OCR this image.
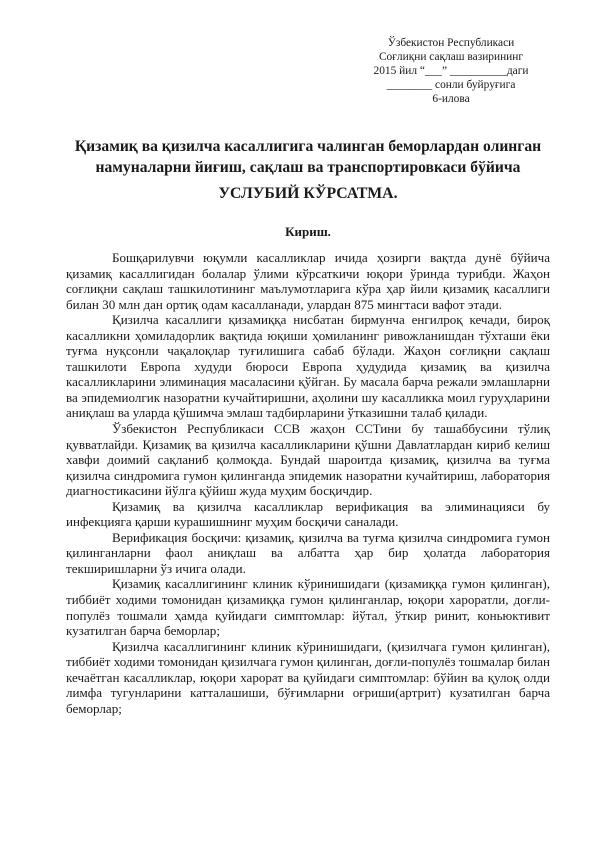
Ўзбекистон Республикаси
Соғлиқни сақлаш вазирининг
2015 йил “___” __________даги
________ сонли буйруғига
6-илова
Қизамиқ ва қизилча касаллигига чалинган беморлардан олинган
намуналарни йиғиш, сақлаш ва транспортировкаси бўйича
УСЛУБИЙ КЎРСАТМА.
Кириш.

Бошқарилувчи юқумли касалликлар ичида ҳозирги вақтда дунё бўйича қизамиқ касаллигидан болалар ўлими кўрсаткичи юқори ўринда турибди. Жаҳон соғлиқни сақлаш ташкилотининг маълумотларига кўра ҳар йили қизамиқ касаллиги билан 30 млн дан ортиқ одам касалланади, улардан 875 мингтаси вафот этади.

Қизилча касаллиги қизамиққа нисбатан бирмунча енгилроқ кечади, бироқ касалликни ҳомиладорлик вақтида юқиши ҳомиланинг ривожланишдан тўхташи ёки туғма нуқсонли чақалоқлар туғилишига сабаб бўлади. Жаҳон соғлиқни сақлаш ташкилоти Европа худуди бюроси Европа ҳудудида қизамиқ ва қизилча касалликларини элиминация масаласини қўйган. Бу масала барча режали эмлашларни ва эпидемиолгик назоратни кучайтиришни, аҳолини шу касалликка моил гуруҳларини аниқлаш ва уларда қўшимча эмлаш тадбирларини ўтказишни талаб қилади.

Ўзбекистон Республикаси ССВ жаҳон ССТини бу ташаббусини тўлиқ қувватлайди. Қизамиқ ва қизилча касалликларини қўшни Давлатлардан кириб келиш хавфи доимий сақланиб қолмоқда. Бундай шароитда қизамиқ, қизилча ва туғма қизилча синдромига гумон қилинганда эпидемик назоратни кучайтириш, лаборатория диагностикасини йўлга қўйиш жуда муҳим босқичдир.

Қизамиқ ва қизилча касалликлар верификация ва элиминацияси бу инфекцияга қарши курашишнинг муҳим босқичи саналади.

Верификация босқичи: қизамиқ, қизилча ва туғма қизилча синдромига гумон қилинганларни фаол аниқлаш ва албатта ҳар бир ҳолатда лаборатория текширишларни ўз ичига олади.

Қизамиқ касаллигининг клиник кўринишидаги (қизамиққа гумон қилинган), тиббиёт ходими томонидан қизамиққа гумон қилинганлар, юқори хароратли, доғли-популёз тошмали ҳамда қуйидаги симптомлар: йўтал, ўткир ринит, коньюктивит кузатилган барча беморлар;

Қизилча касаллигининг клиник кўринишидаги, (қизилчага гумон қилинган), тиббиёт ходими томонидан қизилчага гумон қилинган, доғли-популёз тошмалар билан кечаётган касалликлар, юқори харорат ва қуйидаги симптомлар: бўйин ва қулоқ олди лимфа тугунларини катталашиши, бўғимларни оғриши(артрит) кузатилган барча беморлар;
